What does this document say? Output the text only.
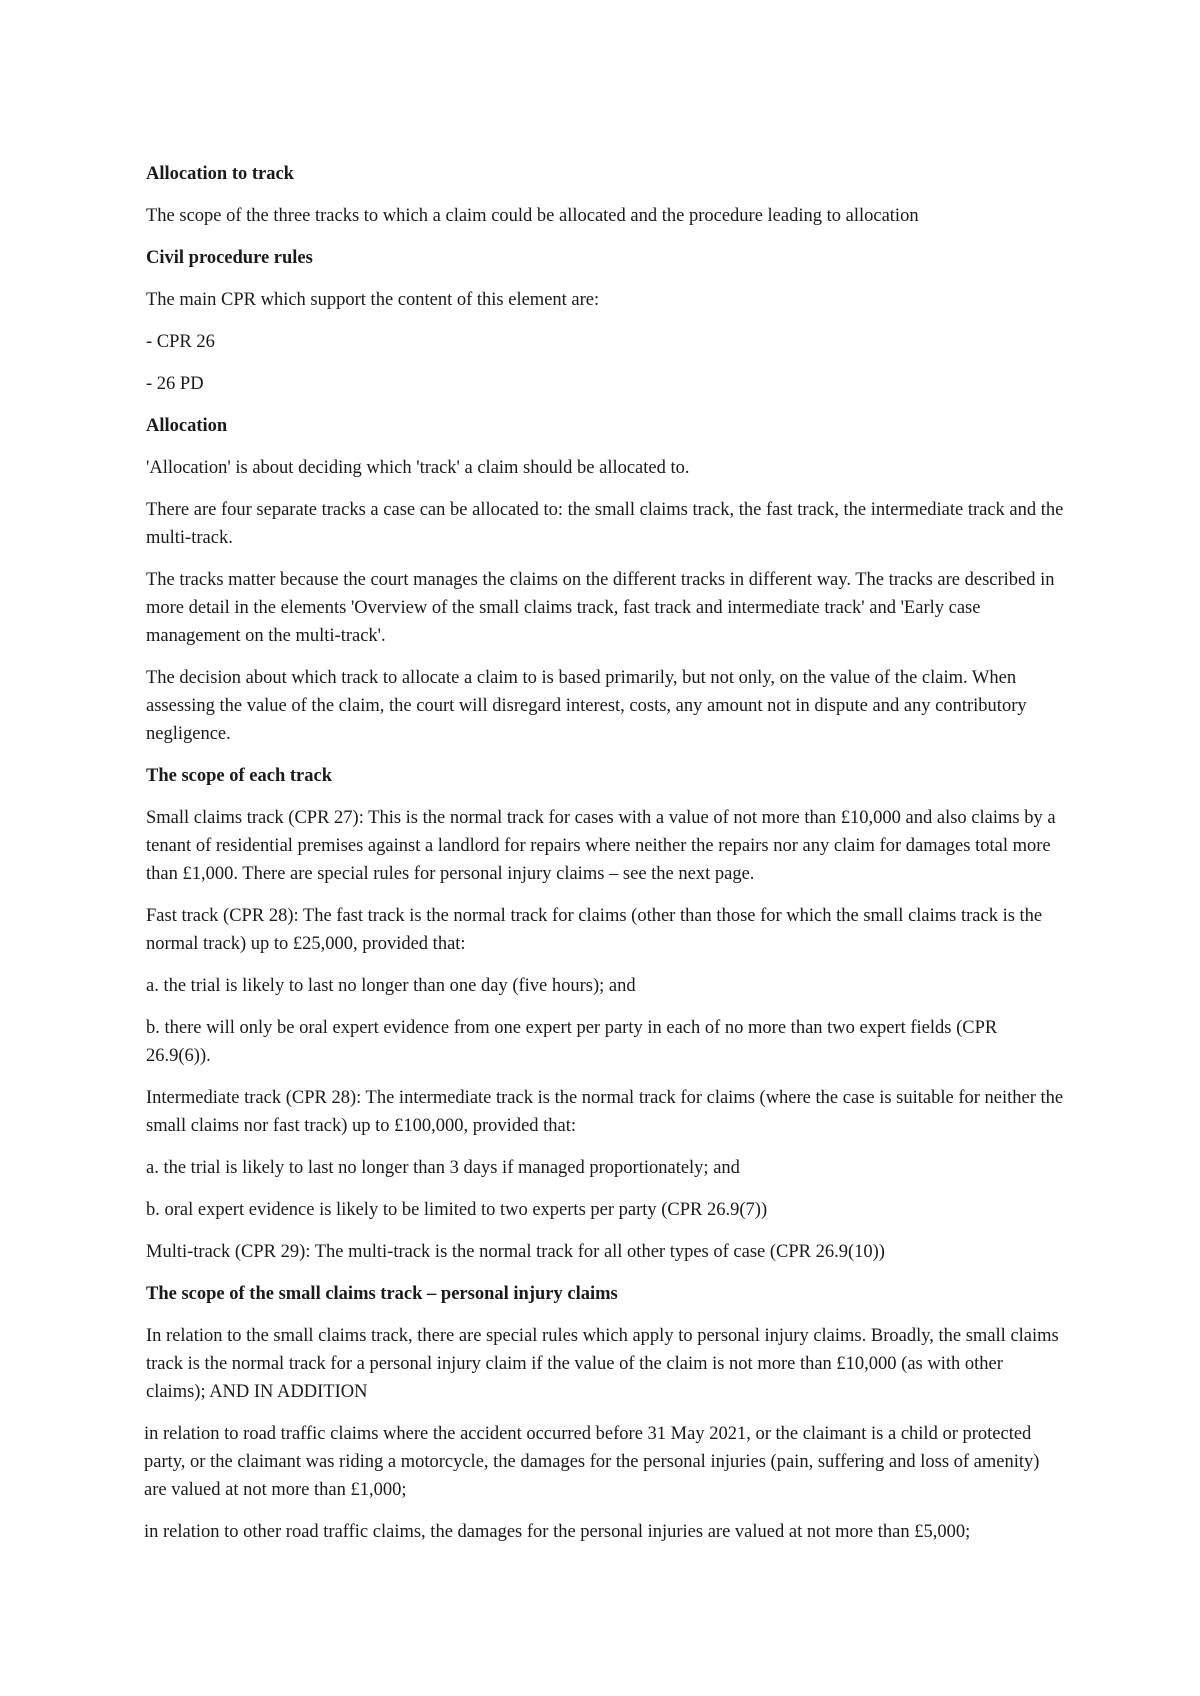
Allocation to track

The scope of the three tracks to which a claim could be allocated and the procedure leading to allocation

Civil procedure rules

The main CPR which support the content of this element are:

- CPR 26

- 26 PD

Allocation

'Allocation' is about deciding which 'track' a claim should be allocated to.

There are four separate tracks a case can be allocated to: the small claims track, the fast track, the intermediate track and the multi-track.

The tracks matter because the court manages the claims on the different tracks in different way. The tracks are described in more detail in the elements 'Overview of the small claims track, fast track and intermediate track' and 'Early case management on the multi-track'.

The decision about which track to allocate a claim to is based primarily, but not only, on the value of the claim. When assessing the value of the claim, the court will disregard interest, costs, any amount not in dispute and any contributory negligence.

The scope of each track

Small claims track (CPR 27): This is the normal track for cases with a value of not more than £10,000 and also claims by a tenant of residential premises against a landlord for repairs where neither the repairs nor any claim for damages total more than £1,000. There are special rules for personal injury claims – see the next page.

Fast track (CPR 28): The fast track is the normal track for claims (other than those for which the small claims track is the normal track) up to £25,000, provided that:

a. the trial is likely to last no longer than one day (five hours); and

b. there will only be oral expert evidence from one expert per party in each of no more than two expert fields (CPR 26.9(6)).

Intermediate track (CPR 28): The intermediate track is the normal track for claims (where the case is suitable for neither the small claims nor fast track) up to £100,000, provided that:

a. the trial is likely to last no longer than 3 days if managed proportionately; and

b. oral expert evidence is likely to be limited to two experts per party (CPR 26.9(7))

Multi-track (CPR 29): The multi-track is the normal track for all other types of case (CPR 26.9(10))

The scope of the small claims track – personal injury claims

In relation to the small claims track, there are special rules which apply to personal injury claims. Broadly, the small claims track is the normal track for a personal injury claim if the value of the claim is not more than £10,000 (as with other claims); AND IN ADDITION

in relation to road traffic claims where the accident occurred before 31 May 2021, or the claimant is a child or protected party, or the claimant was riding a motorcycle, the damages for the personal injuries (pain, suffering and loss of amenity) are valued at not more than £1,000;

in relation to other road traffic claims, the damages for the personal injuries are valued at not more than £5,000;
